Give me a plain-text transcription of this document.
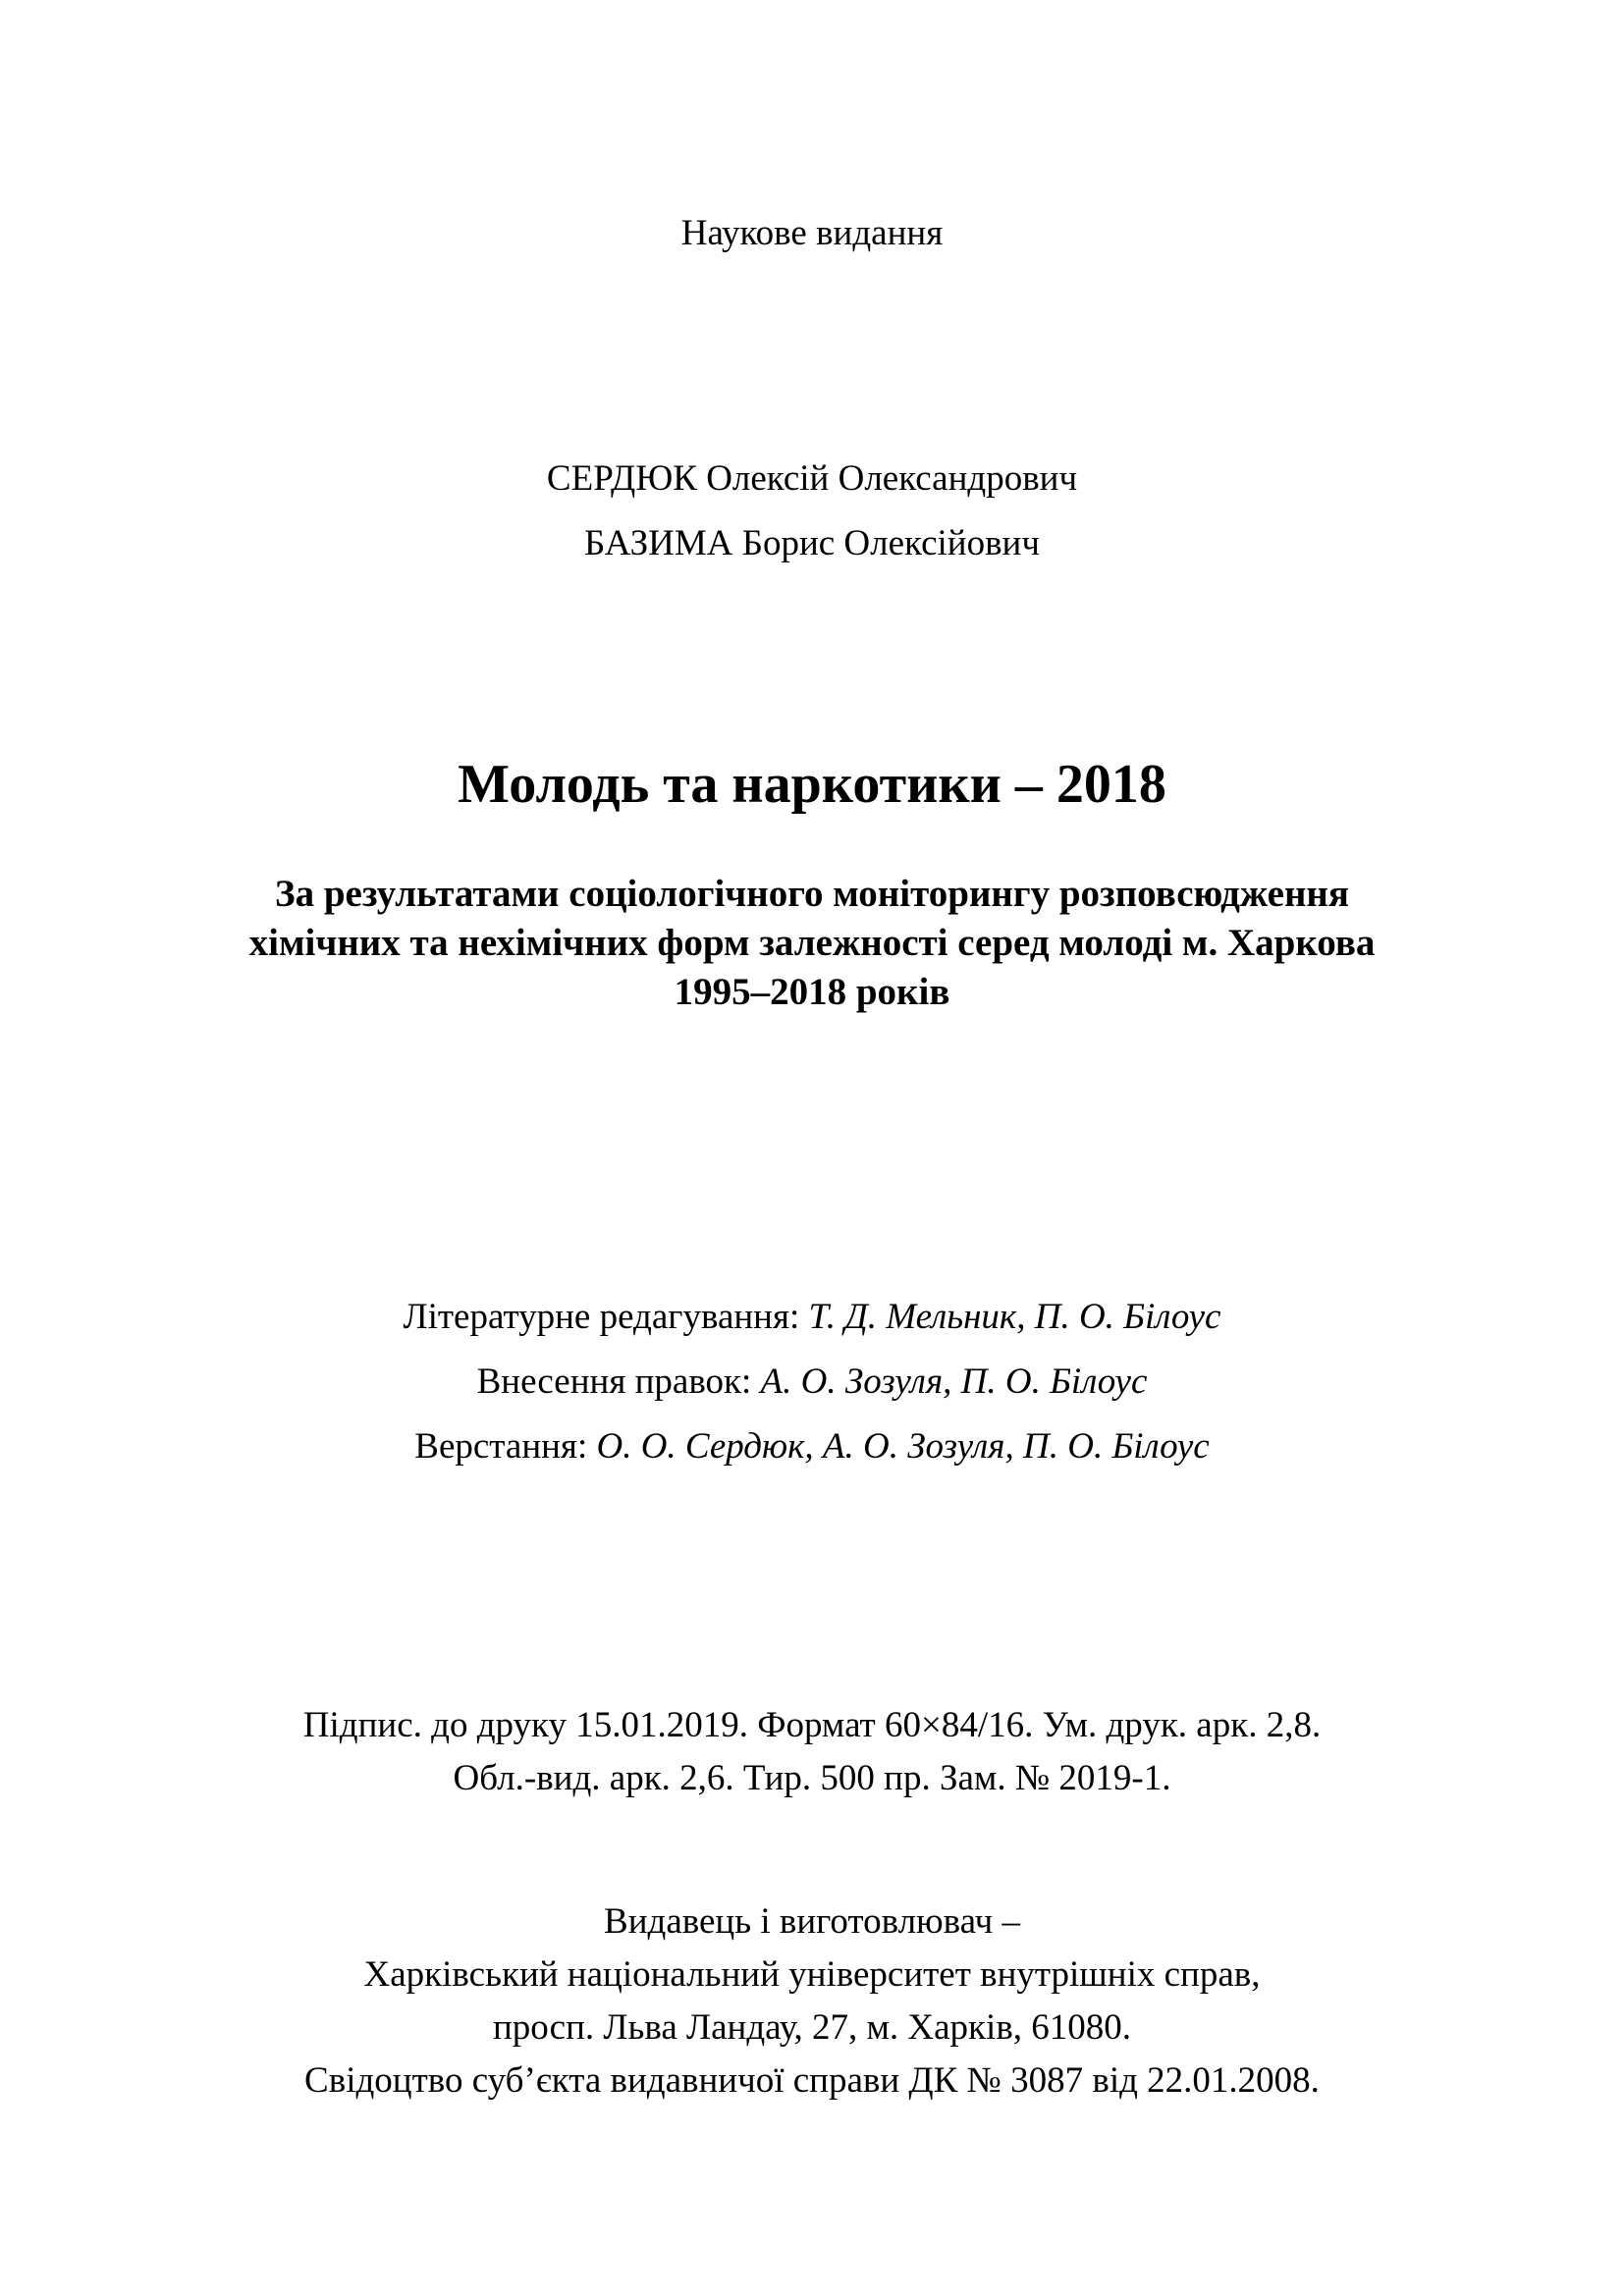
Наукове видання
СЕРДЮК Олексій Олександрович
БАЗИМА Борис Олексійович
Молодь та наркотики – 2018
За результатами соціологічного моніторингу розповсюдження
хімічних та нехімічних форм залежності серед молоді м. Харкова
1995–2018 років
Літературне редагування: Т. Д. Мельник, П. О. Білоус
Внесення правок: А. О. Зозуля, П. О. Білоус
Верстання: О. О. Сердюк, А. О. Зозуля, П. О. Білоус
Підпис. до друку 15.01.2019. Формат 60×84/16. Ум. друк. арк. 2,8.
Обл.-вид. арк. 2,6. Тир. 500 пр. Зам. № 2019-1.
Видавець і виготовлювач –
Харківський національний університет внутрішніх справ,
просп. Льва Ландау, 27, м. Харків, 61080.
Свідоцтво суб’єкта видавничої справи ДК № 3087 від 22.01.2008.
